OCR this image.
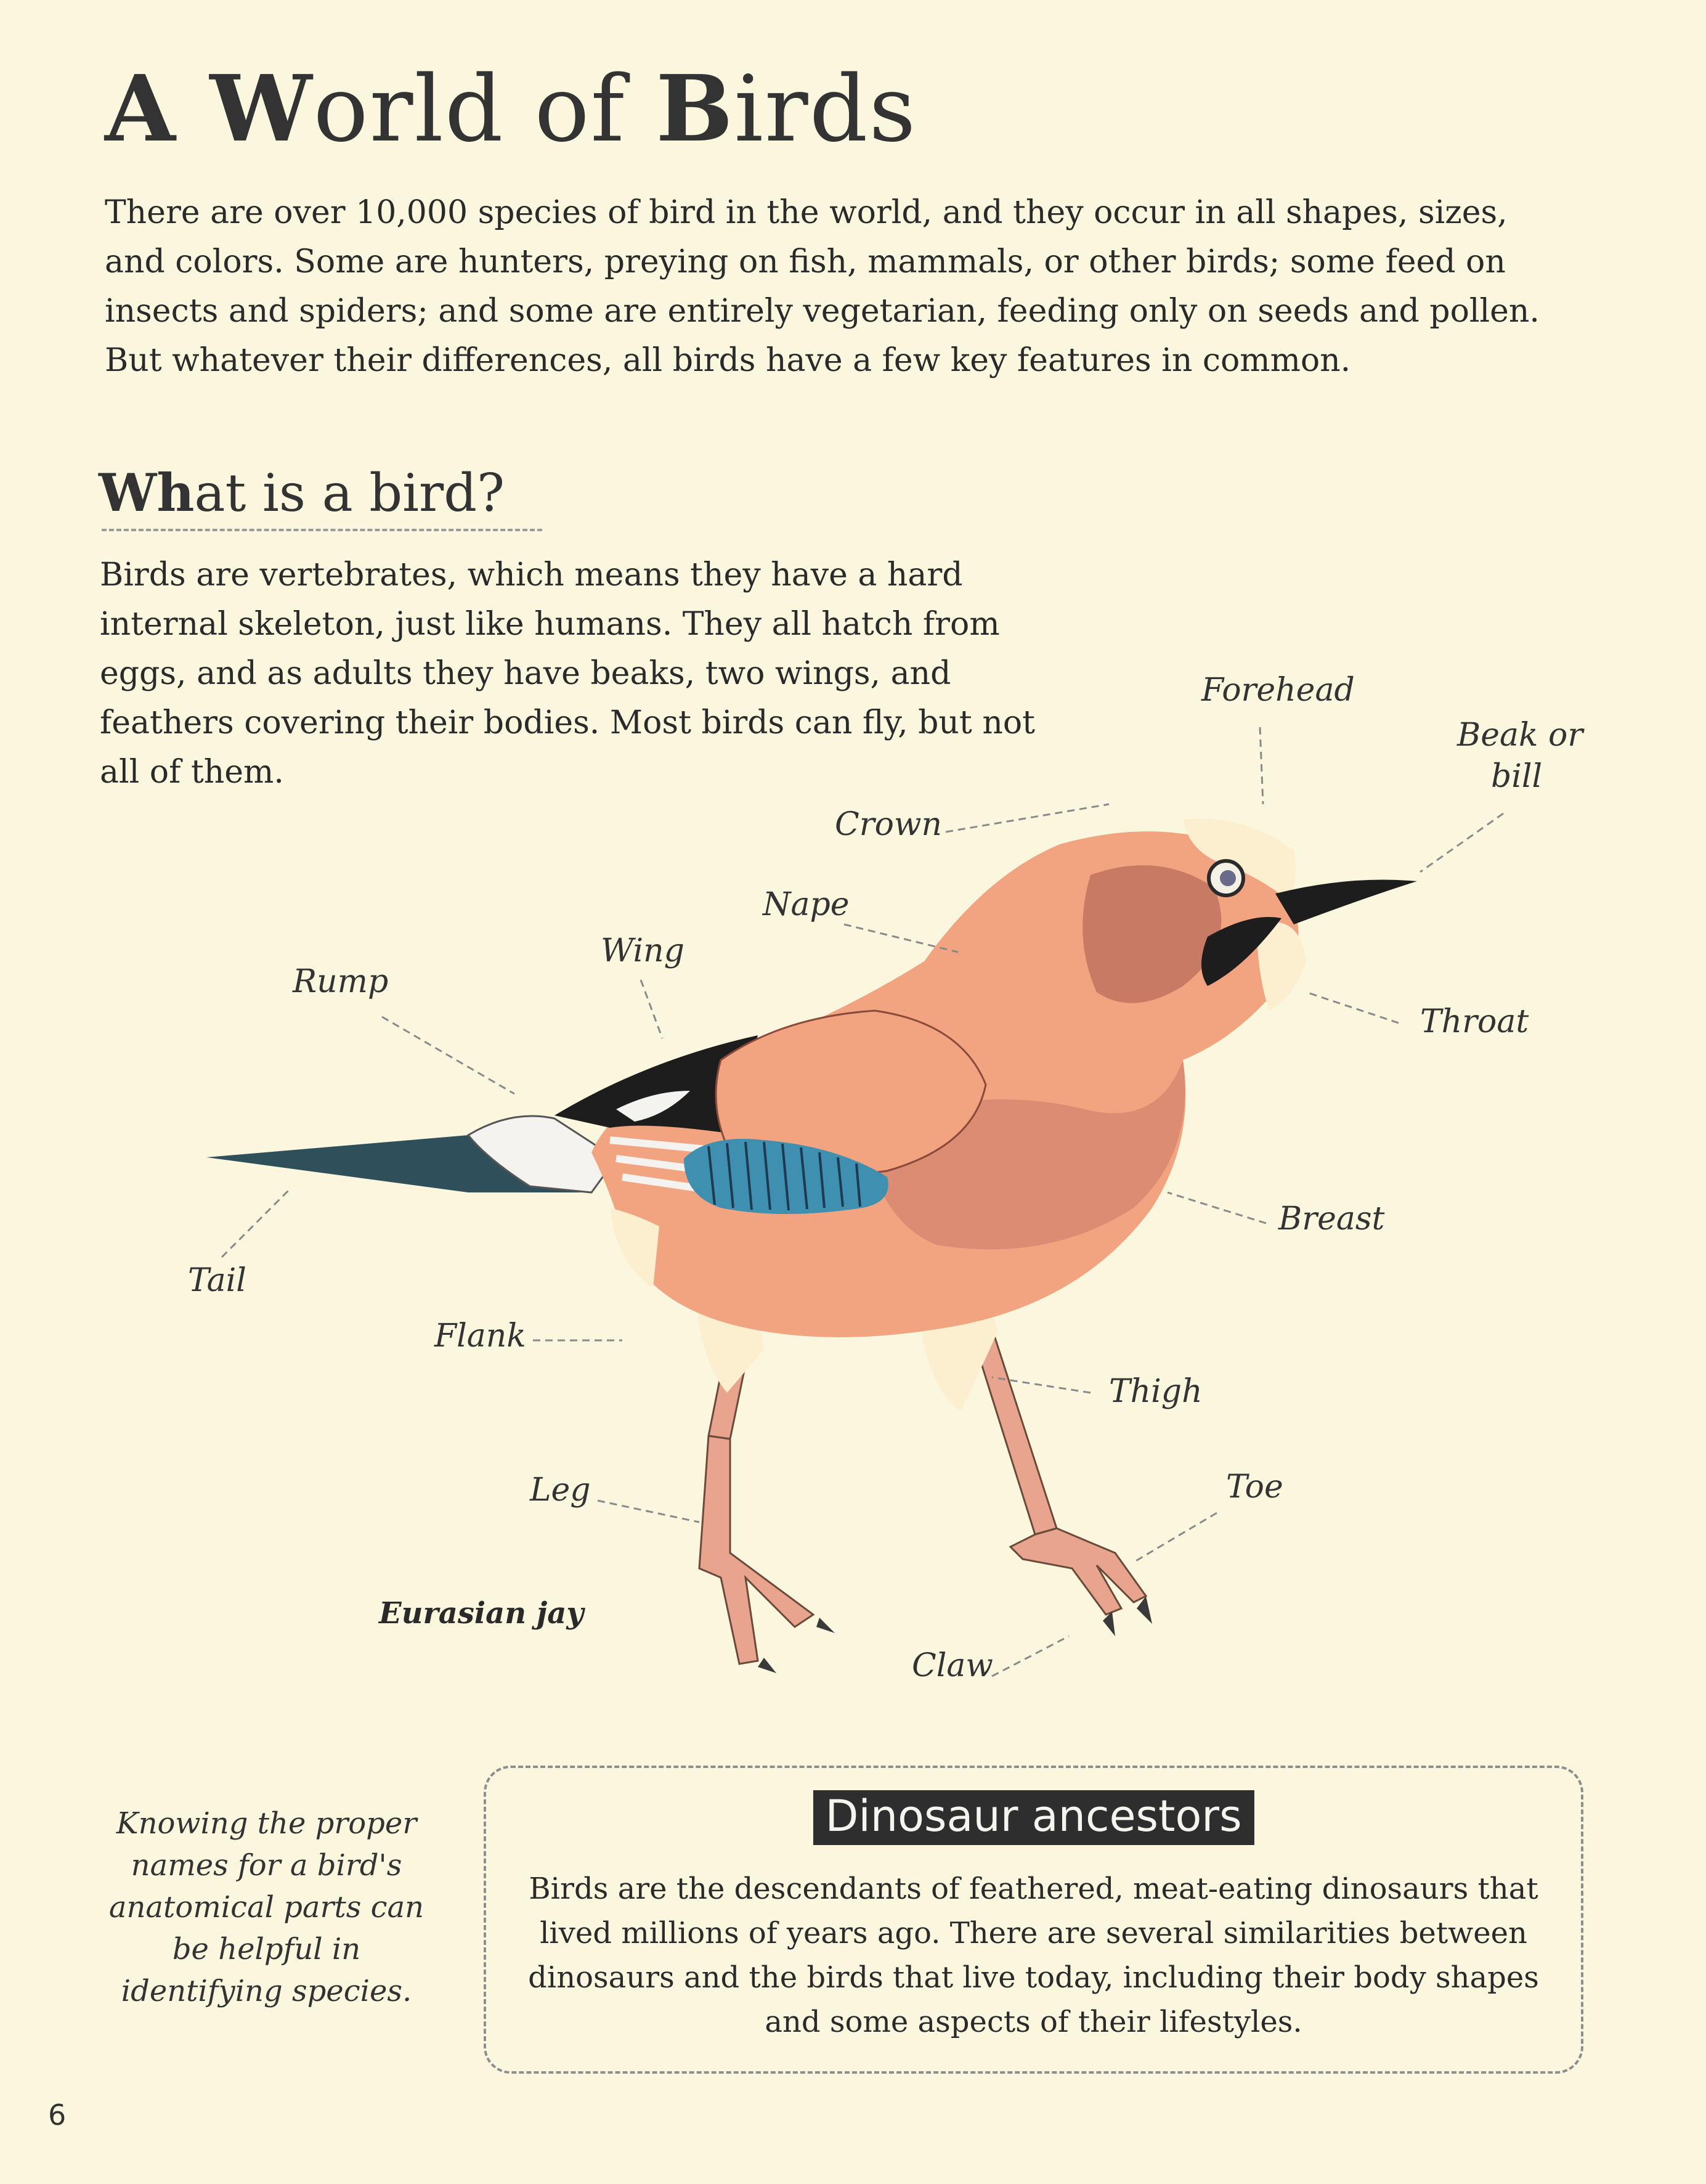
A World of Birds

There are over 10,000 species of bird in the world, and they occur in all shapes, sizes, and colors. Some are hunters, preying on fish, mammals, or other birds; some feed on insects and spiders; and some are entirely vegetarian, feeding only on seeds and pollen. But whatever their differences, all birds have a few key features in common.

What is a bird?

Birds are vertebrates, which means they have a hard internal skeleton, just like humans. They all hatch from eggs, and as adults they have beaks, two wings, and feathers covering their bodies. Most birds can fly, but not all of them.

Forehead
Beak or
bill
Crown
Nape
Wing
Rump
Throat
Tail
Breast
Flank
Thigh
Leg	Toe
Claw
Eurasian jay
Knowing the proper names for a bird's anatomical parts can be helpful in identifying species.
Dinosaur ancestors
Birds are the descendants of feathered, meat-eating dinosaurs that lived millions of years ago. There are several similarities between dinosaurs and the birds that live today, including their body shapes and some aspects of their lifestyles.
6
